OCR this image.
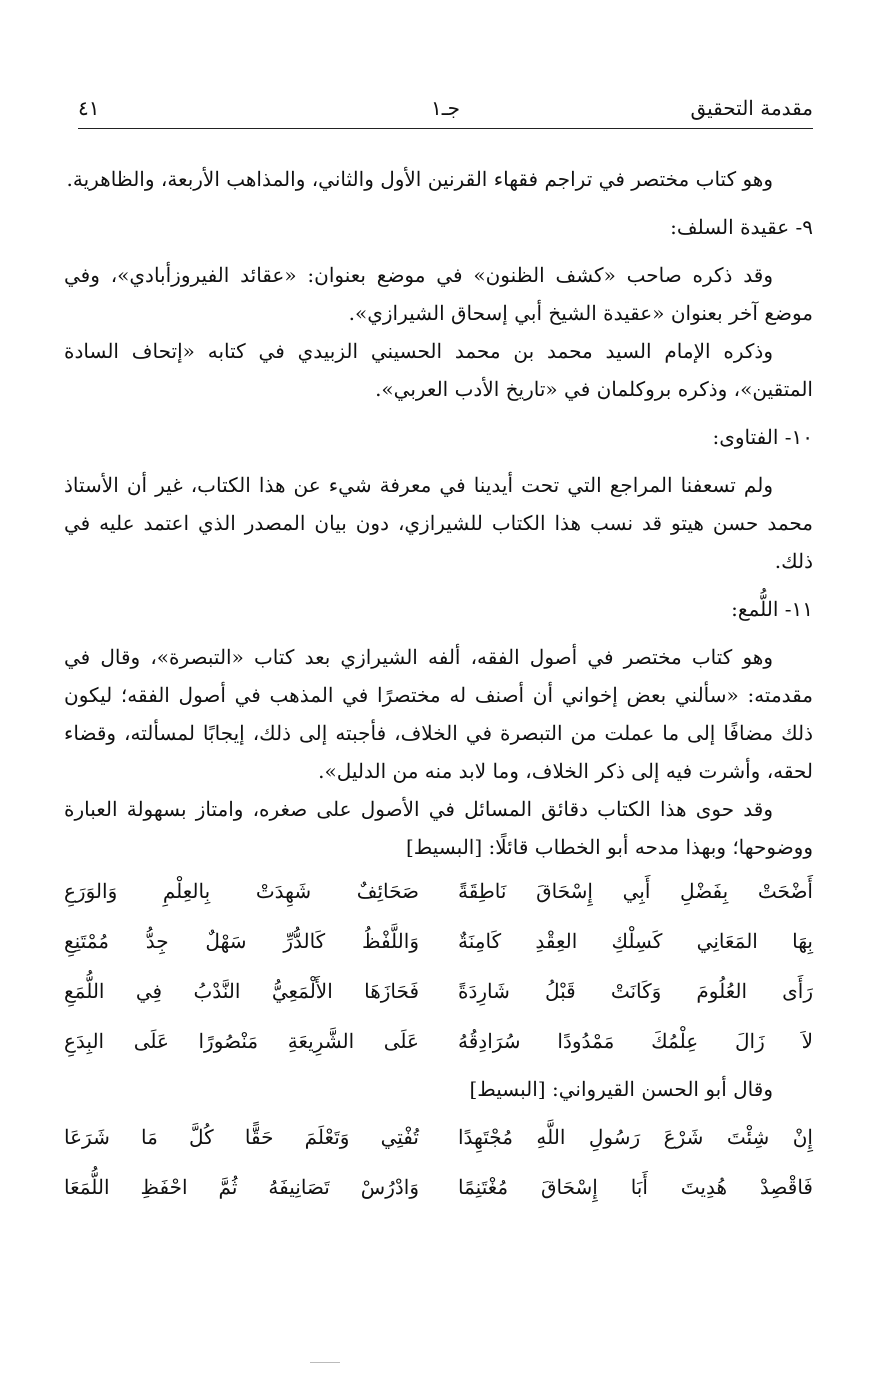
مقدمة التحقيق
جـ١
٤١

وهو كتاب مختصر في تراجم فقهاء القرنين الأول والثاني، والمذاهب الأربعة، والظاهرية.

٩- عقيدة السلف:

وقد ذكره صاحب «كشف الظنون» في موضع بعنوان: «عقائد الفيروزأبادي»، وفي موضع آخر بعنوان «عقيدة الشيخ أبي إسحاق الشيرازي».

وذكره الإمام السيد محمد بن محمد الحسيني الزبيدي في كتابه «إتحاف السادة المتقين»، وذكره بروكلمان في «تاريخ الأدب العربي».

١٠- الفتاوى:

ولم تسعفنا المراجع التي تحت أيدينا في معرفة شيء عن هذا الكتاب، غير أن الأستاذ محمد حسن هيتو قد نسب هذا الكتاب للشيرازي، دون بيان المصدر الذي اعتمد عليه في ذلك.

١١- اللُّمع:

وهو كتاب مختصر في أصول الفقه، ألفه الشيرازي بعد كتاب «التبصرة»، وقال في مقدمته: «سألني بعض إخواني أن أصنف له مختصرًا في المذهب في أصول الفقه؛ ليكون ذلك مضافًا إلى ما عملت من التبصرة في الخلاف، فأجبته إلى ذلك، إيجابًا لمسألته، وقضاء لحقه، وأشرت فيه إلى ذكر الخلاف، وما لابد منه من الدليل».

وقد حوى هذا الكتاب دقائق المسائل في الأصول على صغره، وامتاز بسهولة العبارة ووضوحها؛ وبهذا مدحه أبو الخطاب قائلًا: [البسيط]

أَضْحَتْ بِفَضْلِ أَبِي إِسْحَاقَ نَاطِقَةً
صَحَائِفٌ شَهِدَتْ بِالعِلْمِ وَالوَرَعِ

بِهَا المَعَانِي كَسِلْكِ العِقْدِ كَامِنَةٌ
وَاللَّفْظُ كَالدُّرِّ سَهْلٌ جِدُّ مُمْتَنِعِ

رَأَى العُلُومَ وَكَانَتْ قَبْلُ شَارِدَةً
فَحَازَهَا الأَلْمَعِيُّ النَّدْبُ فِي اللُّمَعِ

لاَ زَالَ عِلْمُكَ مَمْدُودًا سُرَادِقُهُ
عَلَى الشَّرِيعَةِ مَنْصُورًا عَلَى البِدَعِ

وقال أبو الحسن القيرواني: [البسيط]

إِنْ شِئْتَ شَرْعَ رَسُولِ اللَّهِ مُجْتَهِدًا
تُفْتِي وَتَعْلَمَ حَقًّا كُلَّ مَا شَرَعَا

فَاقْصِدْ هُدِيتَ أَبَا إِسْحَاقَ مُغْتَنِمًا
وَادْرُسْ تَصَانِيفَهُ ثُمَّ احْفَظِ اللُّمَعَا
